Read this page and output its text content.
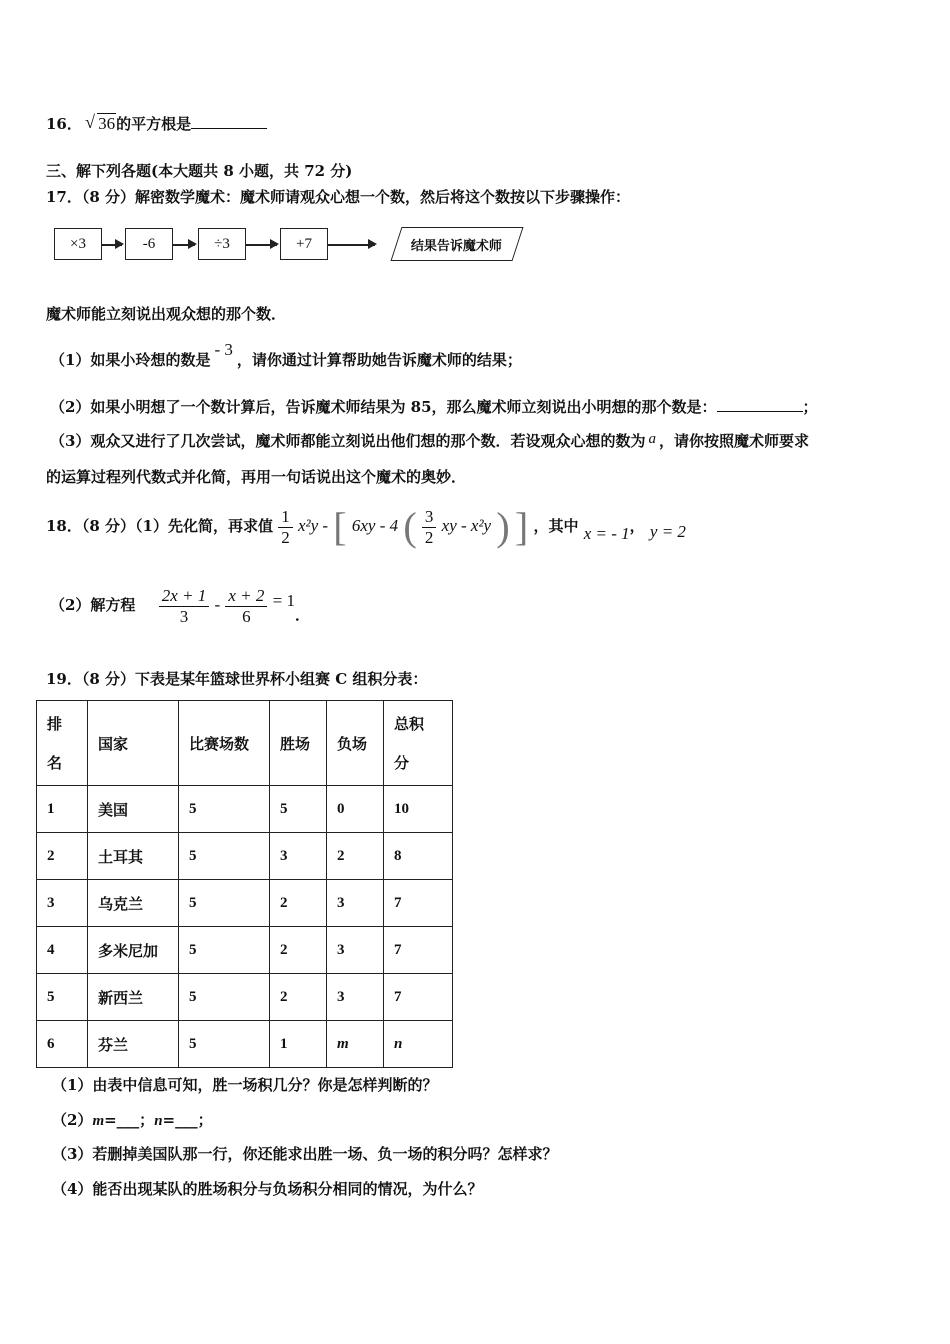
16． √ 36的平方根是
三、解下列各题(本大题共 8 小题，共 72 分)
17．（8 分）解密数学魔术：魔术师请观众心想一个数，然后将这个数按以下步骤操作：
×3	-6	÷3	+7	结果告诉魔术师
魔术师能立刻说出观众想的那个数．
（1）如果小玲想的数是- 3，请你通过计算帮助她告诉魔术师的结果；
（2）如果小明想了一个数计算后，告诉魔术师结果为 85，那么魔术师立刻说出小明想的那个数是：	；
（3）观众又进行了几次尝试，魔术师都能立刻说出他们想的那个数．若设观众心想的数为 a ，请你按照魔术师要求
的运算过程列代数式并化简，再用一句话说出这个魔术的奥妙．
18．（8 分）（1）先化简，再求值 $\frac{1}{2} x^2y$ - [ 6xy - 4 ( $\frac{3}{2}$ xy - x²y ) ] ，其中 x = - 1， y = 2
（2）解方程 $\frac{2x + 1}{3} - \frac{x + 2}{6} = 1$．
19．（8 分）下表是某年篮球世界杯小组赛 C 组积分表：
排

名	国家	比赛场数	胜场	负场	总积

分
1	美国	5	5	0	10
2	土耳其	5	3	2	8
3	乌克兰	5	2	3	7
4	多米尼加	5	2	3	7
5	新西兰	5	2	3	7
6	芬兰	5	1	m	n
（1）由表中信息可知，胜一场积几分？你是怎样判断的？
（2）m=___；n=___；
（3）若删掉美国队那一行，你还能求出胜一场、负一场的积分吗？怎样求？
（4）能否出现某队的胜场积分与负场积分相同的情况，为什么？
